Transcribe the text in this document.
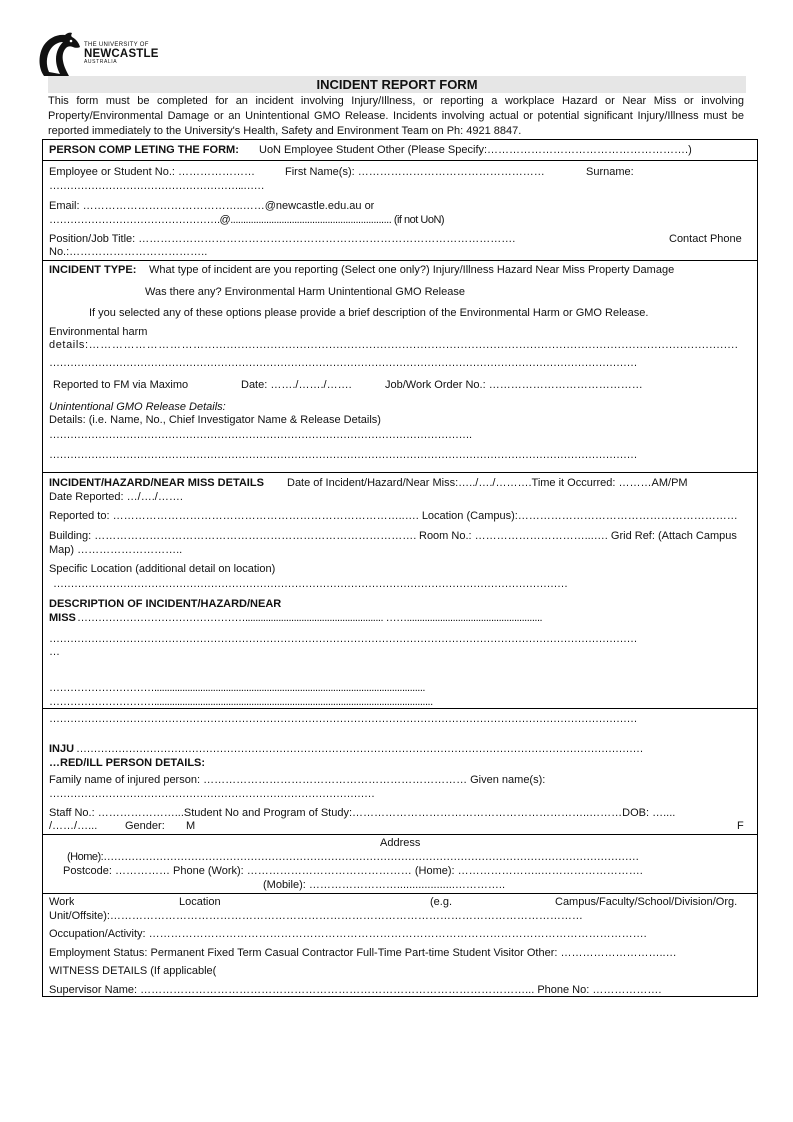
THE UNIVERSITY OF
NEWCASTLE
AUSTRALIA
INCIDENT REPORT FORM
This form must be completed for an incident involving Injury/Illness, or reporting a workplace Hazard or Near Miss or involving Property/Environmental Damage or an Unintentional GMO Release. Incidents involving actual or potential significant Injury/Illness must be reported immediately to the University's Health, Safety and Environment Team on Ph: 4921 8847.
PERSON COMP LETING THE FORM: UoN Employee Student Other (Please Specify:……………………………………………….)
Employee or Student No.: …………………	First Name(s): ……………………………………………	Surname:
………………………………………………..……
Email: ……………………………………..……@newcastle.edu.au or
………………………………………….@............................................................... (if not UoN)
Position/Job Title: ………………………………………………………………………………………….	Contact Phone
No.:………………………………..
INCIDENT TYPE: What type of incident are you reporting (Select one only?) Injury/Illness Hazard Near Miss Property Damage
Was there any? Environmental Harm Unintentional GMO Release
If you selected any of these options please provide a brief description of the Environmental Harm or GMO Release.
Environmental harm
details:…………………………..................................................................................................................................................
……………………………………………………………………………………………………………………………………………………
Reported to FM via Maximo	Date: ……./……./…….	Job/Work Order No.: ……………………………………
Unintentional GMO Release Details:
Details: (i.e. Name, No., Chief Investigator Name & Release Details)
………………………………………………………………………………………………………….
……………………………………………………………………………………………………………………………………………………
INCIDENT/HAZARD/NEAR MISS DETAILS Date of Incident/Hazard/Near Miss:…../…./……….Time it Occurred: ………AM/PM
Date Reported: …/…./…….
Reported to: ……………………………………………………………………..…. Location (Campus):……………………………………………………
Building: ……………………………………………………………………………. Room No.: …………………………...…. Grid Ref: (Attach Campus
Map) ………………………..
Specific Location (additional detail on location)
…………………………………………………………………………………………………………………………………
DESCRIPTION OF INCIDENT/HAZARD/NEAR
MISS …………………………………………...................................................... …….....................................................
……………………………………………………………………………………………………………………………………………………
…
…………………………..........................................................................................................
………………………….............................................................................................................
……………………………………………………………………………………………………………………………………………………
INJU ………………………………………………………………………………………………………………………………………………
…RED/ILL PERSON DETAILS:
Family name of injured person: ……………………………………………………………… Given name(s):
…………………………………………………………………………………
Staff No.: …………………...Student No and Program of Study:………………………………………………………..………DOB: …....
/……/…...	Gender: M	F
Address
(Home):………………………………………………………………………………………………………………………………………
Postcode: …………… Phone (Work): ……………………………………… (Home): …………………..……………………….
(Mobile): ……………………...................…………..
Work	Location	(e.g.	Campus/Faculty/School/Division/Org.
Unit/Offsite):…………………………………………………………………………………………………………………
Occupation/Activity: ……………………………………………………………………………………………………………………….
Employment Status: Permanent Fixed Term Casual Contractor Full-Time Part-time Student Visitor Other: ………………………..…
WITNESS DETAILS (If applicable(
Supervisor Name: ……………………………………………………………………………………………... Phone No: ……………….
